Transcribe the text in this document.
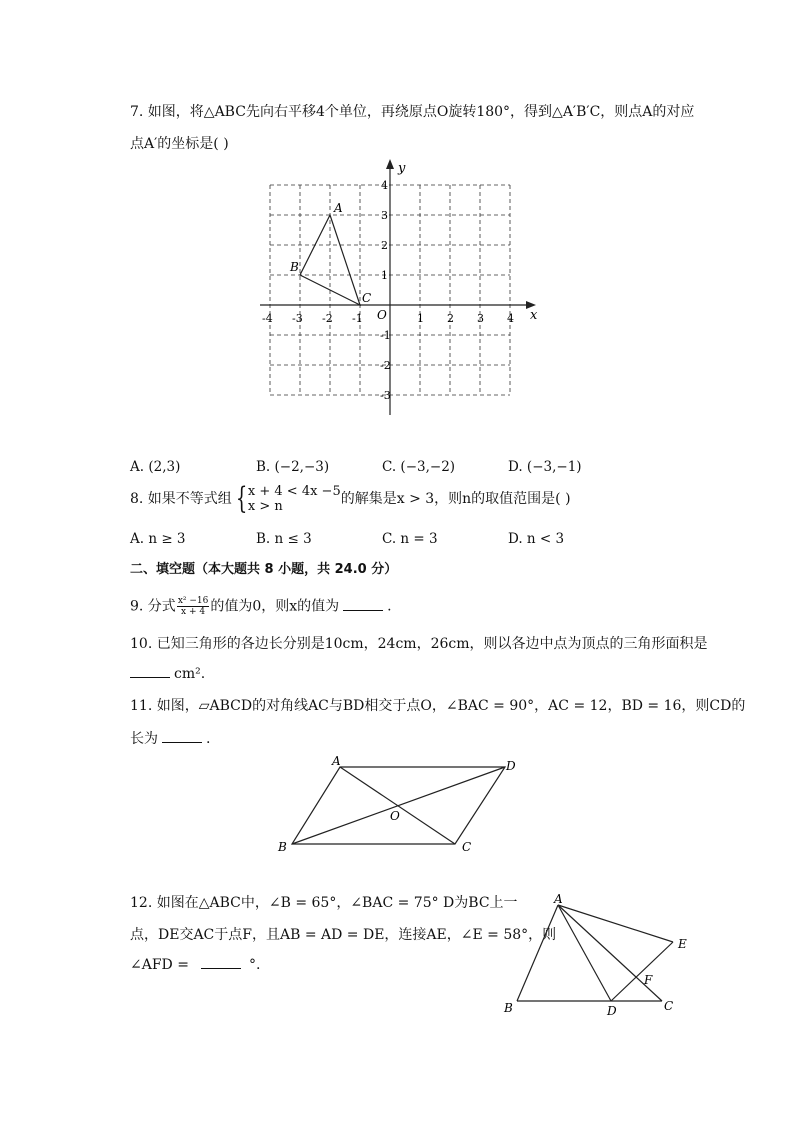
7. 如图，将△ABC先向右平移4个单位，再绕原点O旋转180°，得到△A′B′C，则点A的对应
点A′的坐标是( )
x
y
O
-4 -3 -2 -1	1 2 3 4
4
3
2
1
-1
-2
-3
A
B
C
A. (2,3)	B. (−2,−3)	C. (−3,−2)	D. (−3,−1)
8. 如果不等式组 { x + 4 < 4x −5
x > n	的解集是x > 3，则n的取值范围是( )
A. n ≥ 3	B. n ≤ 3	C. n = 3	D. n < 3
二、填空题（本大题共 8 小题，共 24.0 分）
9. 分式 $\frac{\text{x² −16}}{x + 4}$ 的值为0，则x的值为	.
10. 已知三角形的各边长分别是10cm，24cm，26cm，则以各边中点为顶点的三角形面积是
cm².
11. 如图，▱ABCD的对角线AC与BD相交于点O，∠BAC = 90°，AC = 12，BD = 16，则CD的
长为	.
A	D
C
B
O
12. 如图在△ABC中，∠B = 65°，∠BAC = 75° D为BC上一
点，DE交AC于点F，且AB = AD = DE，连接AE，∠E = 58°，则
∠AFD =	°.
A
B	D	C
E
F
